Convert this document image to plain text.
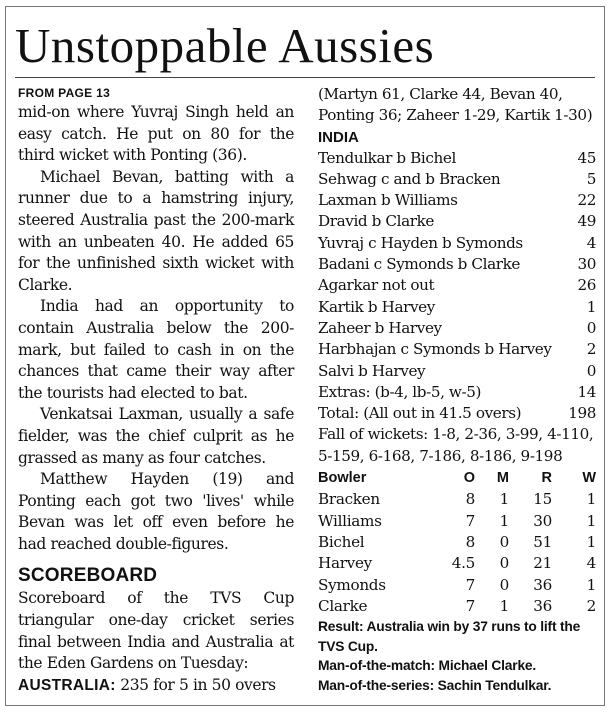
Unstoppable Aussies
FROM PAGE 13

mid-on where Yuvraj Singh held an easy catch. He put on 80 for the third wicket with Ponting (36).

Michael Bevan, batting with a runner due to a hamstring injury, steered Australia past the 200-mark with an unbeaten 40. He added 65 for the unfinished sixth wicket with Clarke.

India had an opportunity to contain Australia below the 200-mark, but failed to cash in on the chances that came their way after the tourists had elected to bat.

Venkatsai Laxman, usually a safe fielder, was the chief culprit as he grassed as many as four catches.

Matthew Hayden (19) and Ponting each got two 'lives' while Bevan was let off even before he had reached double-figures.

SCOREBOARD

Scoreboard of the TVS Cup triangular one-day cricket series final between India and Australia at the Eden Gardens on Tuesday:

AUSTRALIA: 235 for 5 in 50 overs

(Martyn 61, Clarke 44, Bevan 40, Ponting 36; Zaheer 1-29, Kartik 1-30)
INDIA
Tendulkar b Bichel	45
Sehwag c and b Bracken	5
Laxman b Williams	22
Dravid b Clarke	49
Yuvraj c Hayden b Symonds	4
Badani c Symonds b Clarke	30
Agarkar not out	26
Kartik b Harvey	1
Zaheer b Harvey	0
Harbhajan c Symonds b Harvey	2
Salvi b Harvey	0
Extras: (b-4, lb-5, w-5)	14
Total: (All out in 41.5 overs)	198
Fall of wickets: 1-8, 2-36, 3-99, 4-110, 5-159, 6-168, 7-186, 8-186, 9-198
Bowler	O	M	R	W
Bracken	8	1	15	1
Williams	7	1	30	1
Bichel	8	0	51	1
Harvey	4.5	0	21	4
Symonds	7	0	36	1
Clarke	7	1	36	2
Result: Australia win by 37 runs to lift the TVS Cup.
Man-of-the-match: Michael Clarke.
Man-of-the-series: Sachin Tendulkar.
